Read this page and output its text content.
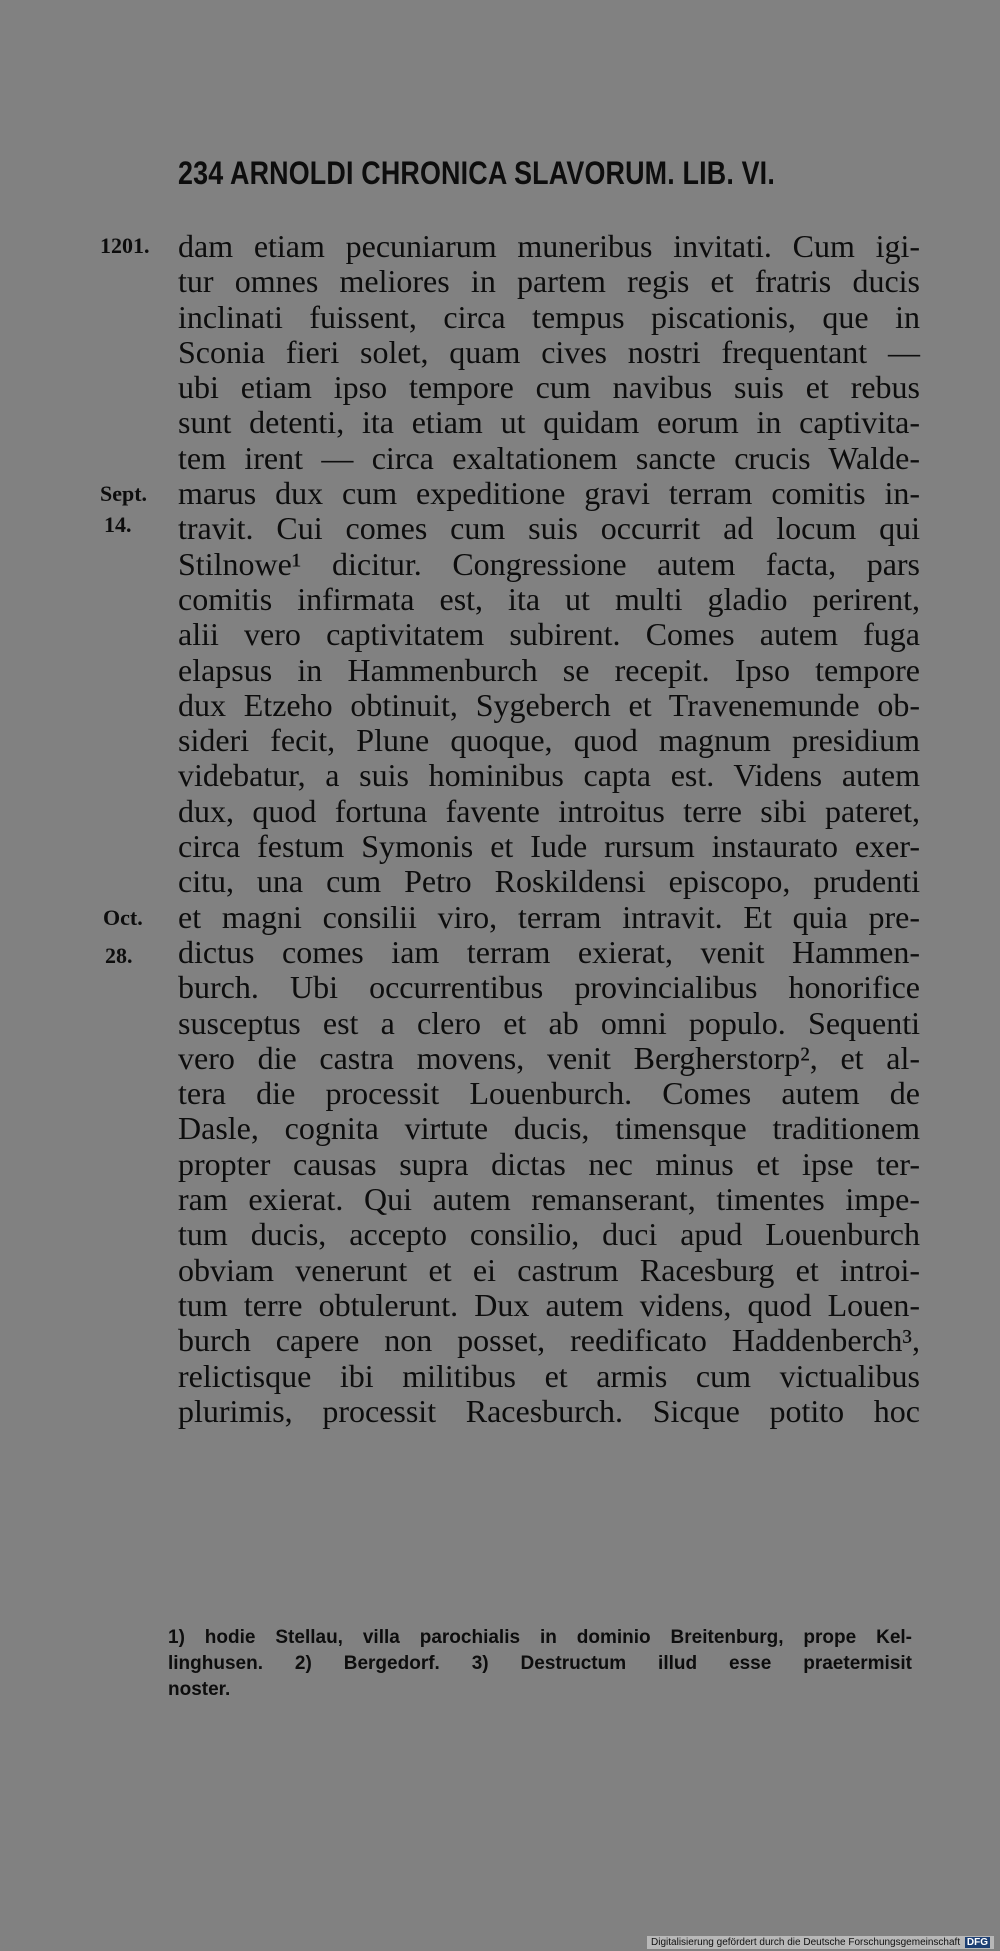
234 ARNOLDI CHRONICA SLAVORUM. LIB. VI.
1201.
Sept.
14.
Oct.
28.
dam etiam pecuniarum muneribus invitati. Cum igi-
tur omnes meliores in partem regis et fratris ducis
inclinati fuissent, circa tempus piscationis, que in
Sconia fieri solet, quam cives nostri frequentant —
ubi etiam ipso tempore cum navibus suis et rebus
sunt detenti, ita etiam ut quidam eorum in captivita-
tem irent — circa exaltationem sancte crucis Walde-
marus dux cum expeditione gravi terram comitis in-
travit. Cui comes cum suis occurrit ad locum qui
Stilnowe¹ dicitur. Congressione autem facta, pars
comitis infirmata est, ita ut multi gladio perirent,
alii vero captivitatem subirent. Comes autem fuga
elapsus in Hammenburch se recepit. Ipso tempore
dux Etzeho obtinuit, Sygeberch et Travenemunde ob-
sideri fecit, Plune quoque, quod magnum presidium
videbatur, a suis hominibus capta est. Videns autem
dux, quod fortuna favente introitus terre sibi pateret,
circa festum Symonis et Iude rursum instaurato exer-
citu, una cum Petro Roskildensi episcopo, prudenti
et magni consilii viro, terram intravit. Et quia pre-
dictus comes iam terram exierat, venit Hammen-
burch. Ubi occurrentibus provincialibus honorifice
susceptus est a clero et ab omni populo. Sequenti
vero die castra movens, venit Bergherstorp², et al-
tera die processit Louenburch. Comes autem de
Dasle, cognita virtute ducis, timensque traditionem
propter causas supra dictas nec minus et ipse ter-
ram exierat. Qui autem remanserant, timentes impe-
tum ducis, accepto consilio, duci apud Louenburch
obviam venerunt et ei castrum Racesburg et introi-
tum terre obtulerunt. Dux autem videns, quod Louen-
burch capere non posset, reedificato Haddenberch³,
relictisque ibi militibus et armis cum victualibus
plurimis, processit Racesburch. Sicque potito hoc
1) hodie Stellau, villa parochialis in dominio Breitenburg, prope Kel-
linghusen. 2) Bergedorf. 3) Destructum illud esse praetermisit
noster.
Digitalisierung gefördert durch die Deutsche Forschungsgemeinschaft DFG
